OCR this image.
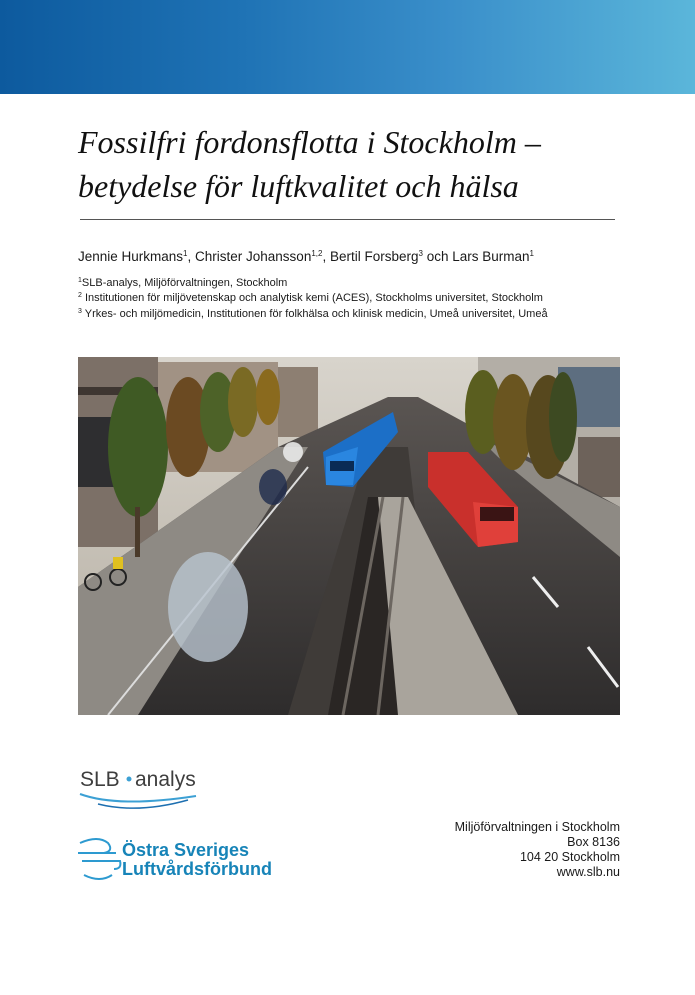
Fossilfri fordonsflotta i Stockholm –
betydelse för luftkvalitet och hälsa
Jennie Hurkmans$^1$, Christer Johansson$^{1,2}$, Bertil Forsberg$^3$ och Lars Burman$^1$
$^1$SLB-analys, Miljöförvaltningen, Stockholm
$^2$ Institutionen för miljövetenskap och analytisk kemi (ACES), Stockholms universitet, Stockholm
$^3$ Yrkes- och miljömedicin, Institutionen för folkhälsa och klinisk medicin, Umeå universitet, Umeå
SLB analys
Östra Sveriges
Luftvårdsförbund
Miljöförvaltningen i Stockholm
Box 8136
104 20 Stockholm
www.slb.nu
